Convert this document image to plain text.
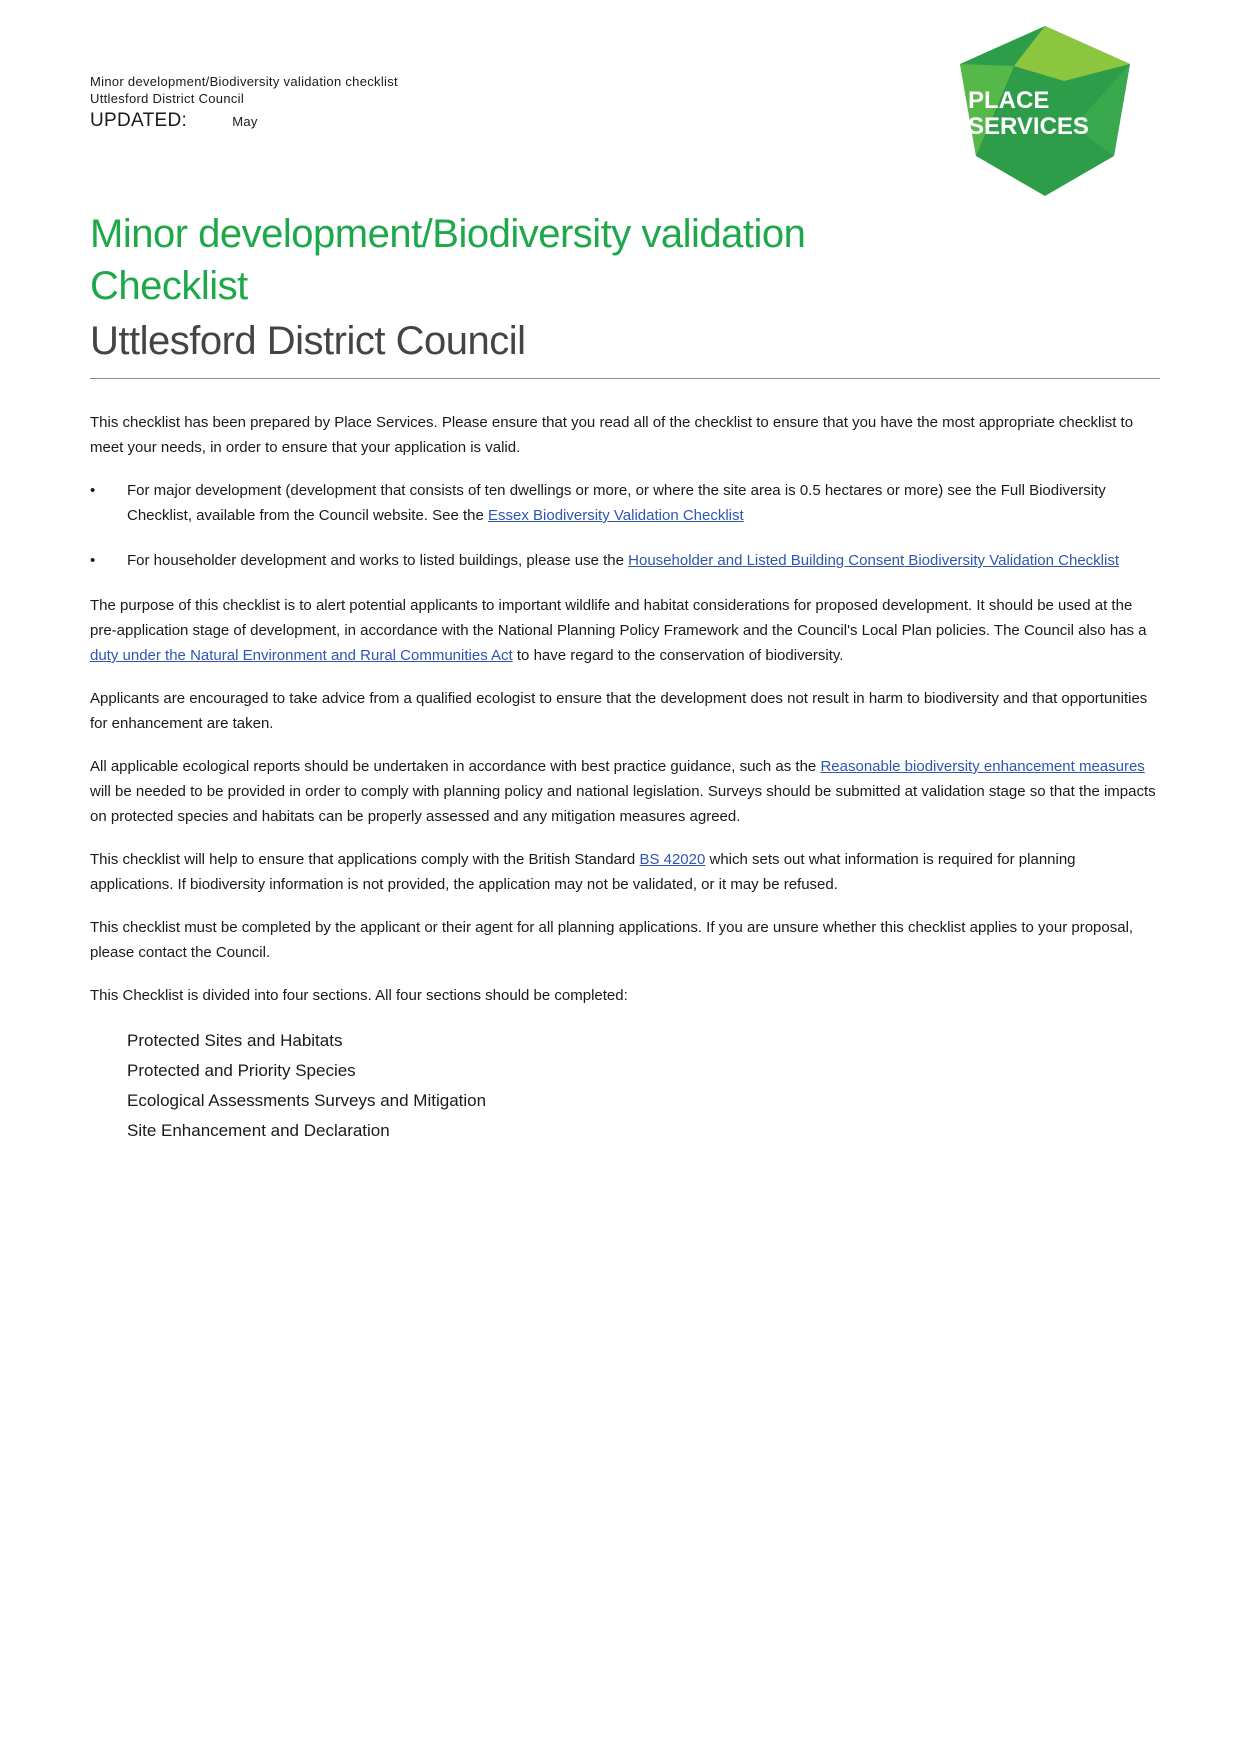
Minor development/Biodiversity validation checklist
Uttlesford District Council
UPDATED:	May
PLACE
SERVICES
Minor development/Biodiversity validation
Checklist
Uttlesford District Council

This checklist has been prepared by Place Services. Please ensure that you read all of the checklist to ensure that you have the most appropriate checklist to meet your needs, in order to ensure that your application is valid.

• For major development (development that consists of ten dwellings or more, or where the site area is 0.5 hectares or more) see the Full Biodiversity Checklist, available from the Council website. See the Essex Biodiversity Validation Checklist
• For householder development and works to listed buildings, please use the Householder and Listed Building Consent Biodiversity Validation Checklist

The purpose of this checklist is to alert potential applicants to important wildlife and habitat considerations for proposed development. It should be used at the pre-application stage of development, in accordance with the National Planning Policy Framework and the Council's Local Plan policies. The Council also has a duty under the Natural Environment and Rural Communities Act to have regard to the conservation of biodiversity.

Applicants are encouraged to take advice from a qualified ecologist to ensure that the development does not result in harm to biodiversity and that opportunities for enhancement are taken.

All applicable ecological reports should be undertaken in accordance with best practice guidance, such as the Reasonable biodiversity enhancement measures will be needed to be provided in order to comply with planning policy and national legislation. Surveys should be submitted at validation stage so that the impacts on protected species and habitats can be properly assessed and any mitigation measures agreed.

This checklist will help to ensure that applications comply with the British Standard BS 42020 which sets out what information is required for planning applications. If biodiversity information is not provided, the application may not be validated, or it may be refused.

This checklist must be completed by the applicant or their agent for all planning applications. If you are unsure whether this checklist applies to your proposal, please contact the Council.

This Checklist is divided into four sections. All four sections should be completed:

Protected Sites and Habitats
Protected and Priority Species
Ecological Assessments Surveys and Mitigation
Site Enhancement and Declaration
